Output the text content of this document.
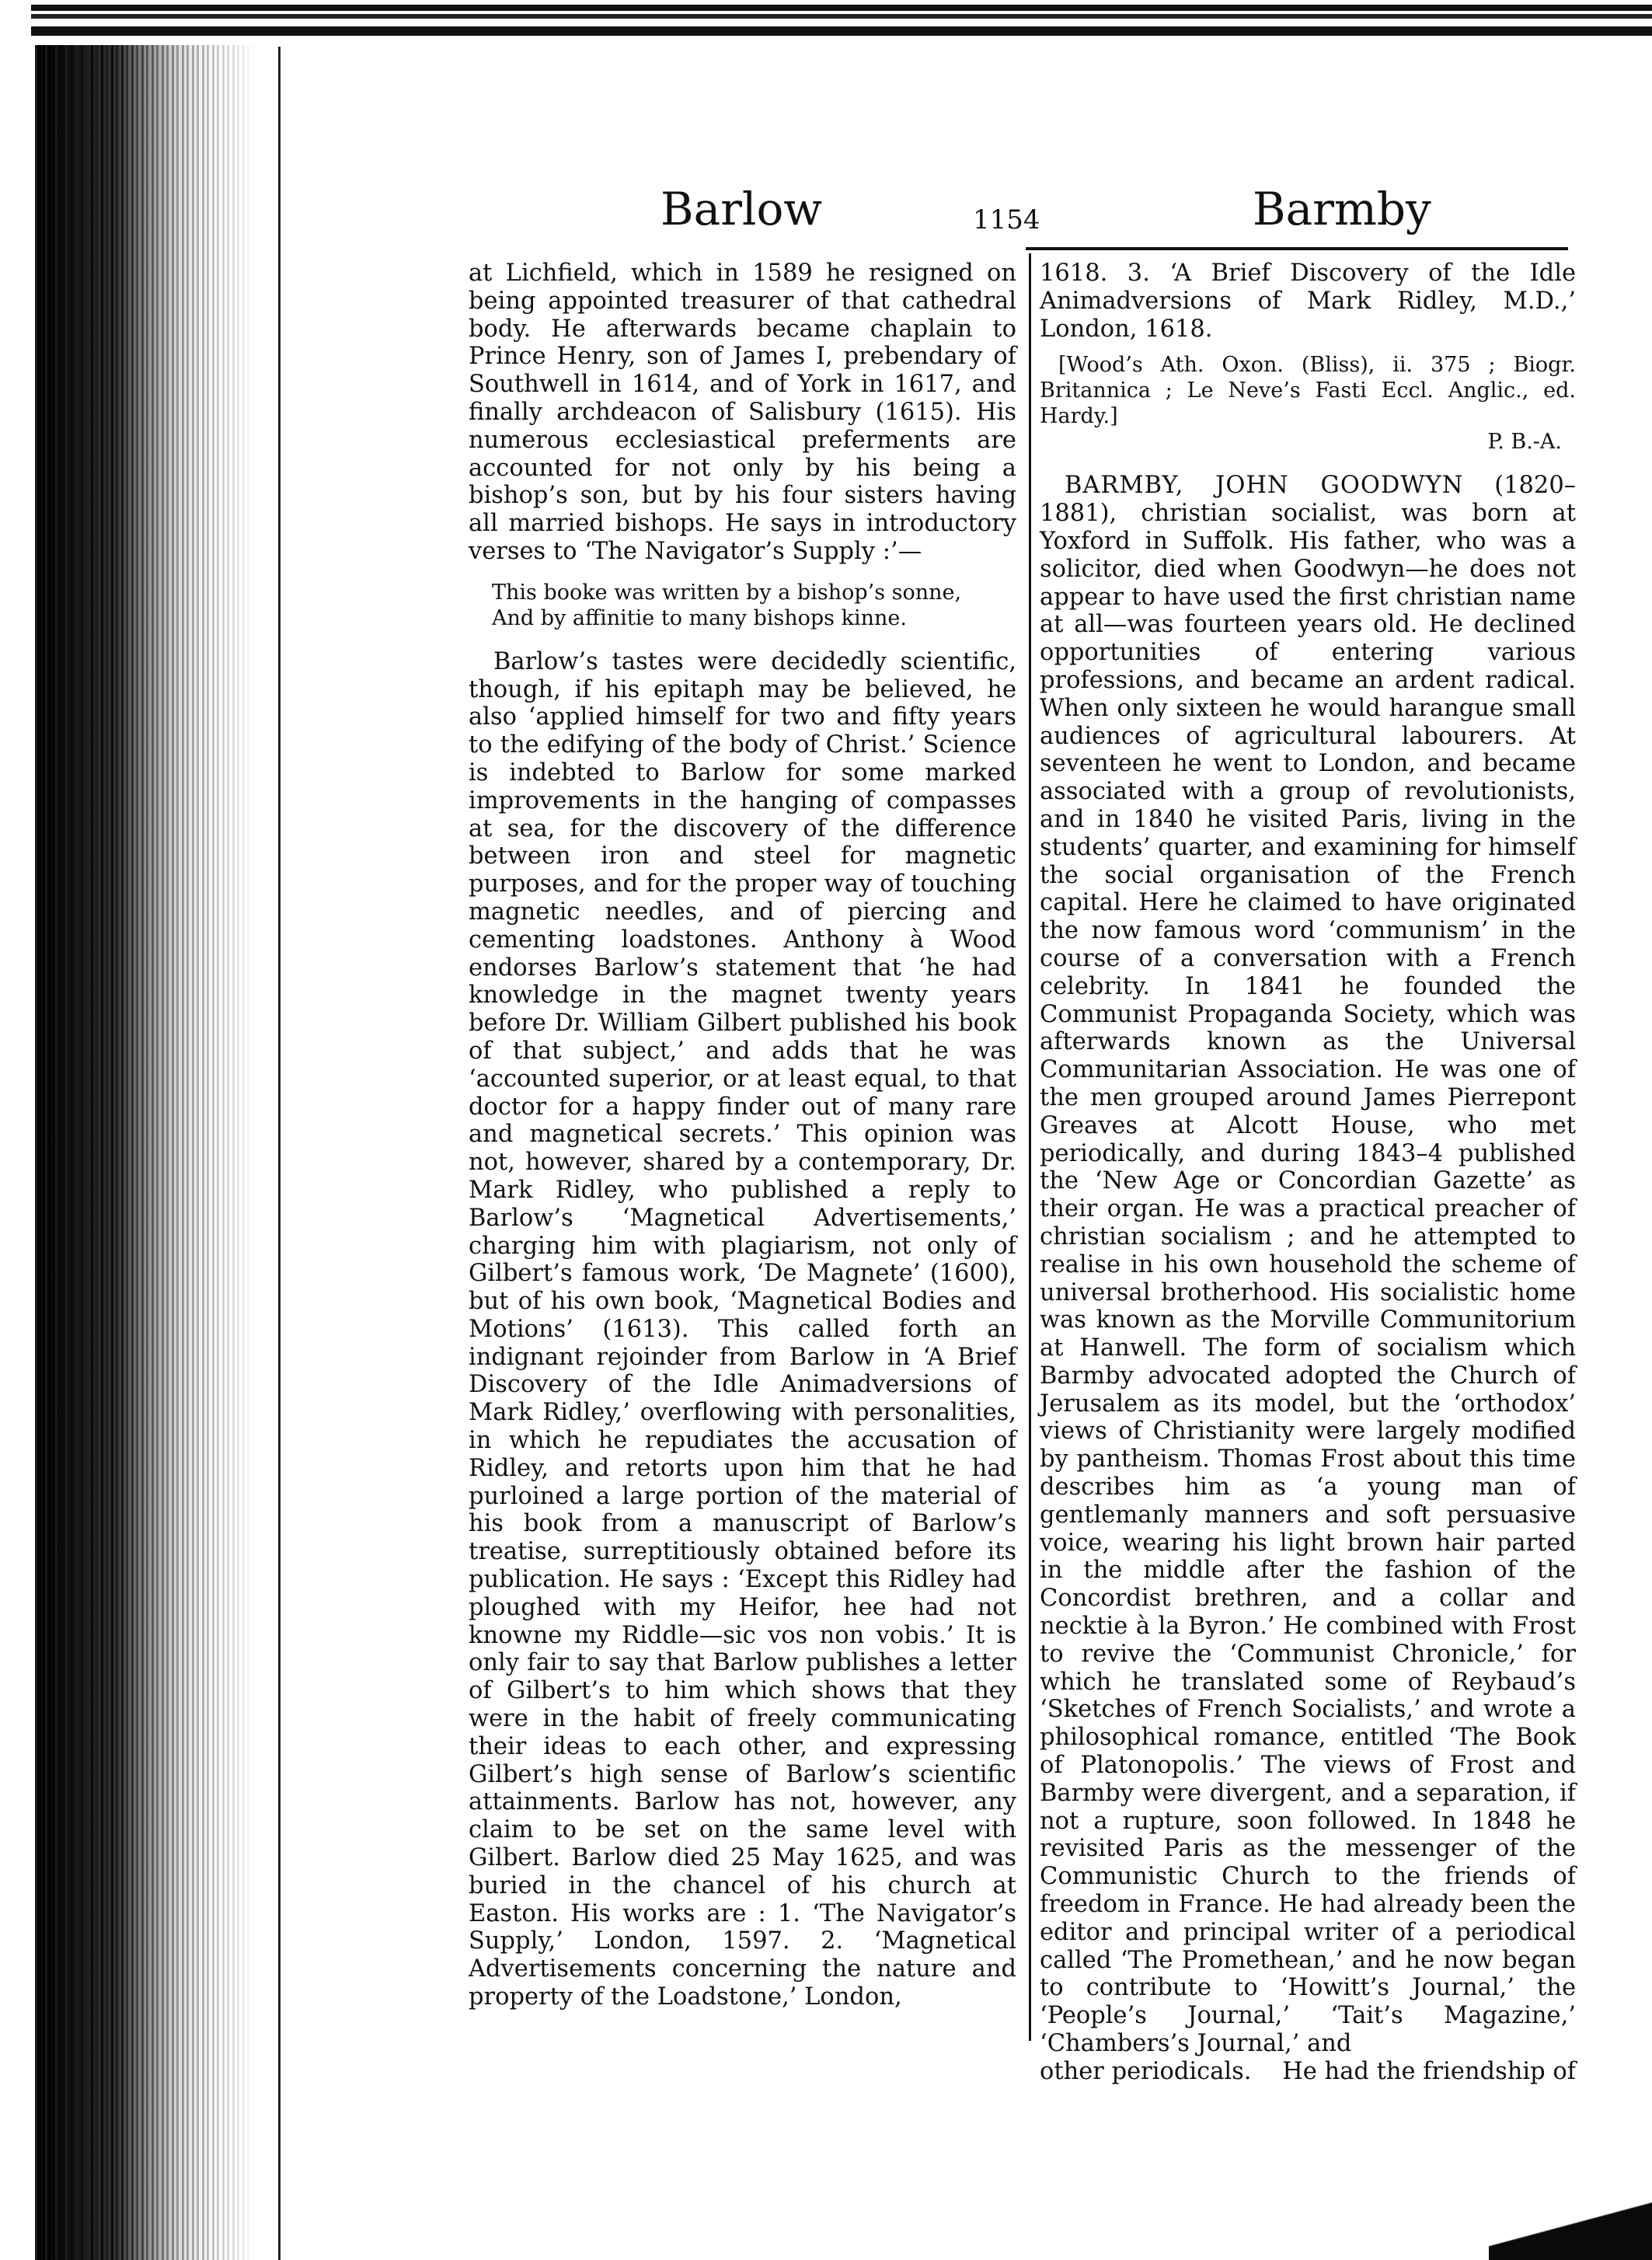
Barlow	1154	Barmby

at Lichfield, which in 1589 he resigned on being appointed treasurer of that cathedral body. He afterwards became chaplain to Prince Henry, son of James I, prebendary of Southwell in 1614, and of York in 1617, and finally archdeacon of Salisbury (1615). His numerous ecclesiastical preferments are accounted for not only by his being a bishop’s son, but by his four sisters having all married bishops. He says in introductory verses to ‘The Navigator’s Supply :’—

This booke was written by a bishop’s sonne,
And by affinitie to many bishops kinne.

Barlow’s tastes were decidedly scientific, though, if his epitaph may be believed, he also ‘applied himself for two and fifty years to the edifying of the body of Christ.’ Science is indebted to Barlow for some marked improvements in the hanging of compasses at sea, for the discovery of the difference between iron and steel for magnetic purposes, and for the proper way of touching magnetic needles, and of piercing and cementing loadstones. Anthony à Wood endorses Barlow’s statement that ‘he had knowledge in the magnet twenty years before Dr. William Gilbert published his book of that subject,’ and adds that he was ‘accounted superior, or at least equal, to that doctor for a happy finder out of many rare and magnetical secrets.’ This opinion was not, however, shared by a contemporary, Dr. Mark Ridley, who published a reply to Barlow’s ‘Magnetical Advertisements,’ charging him with plagiarism, not only of Gilbert’s famous work, ‘De Magnete’ (1600), but of his own book, ‘Magnetical Bodies and Motions’ (1613). This called forth an indignant rejoinder from Barlow in ‘A Brief Discovery of the Idle Animadversions of Mark Ridley,’ overflowing with personalities, in which he repudiates the accusation of Ridley, and retorts upon him that he had purloined a large portion of the material of his book from a manuscript of Barlow’s treatise, surreptitiously obtained before its publication. He says : ‘Except this Ridley had ploughed with my Heifor, hee had not knowne my Riddle—sic vos non vobis.’ It is only fair to say that Barlow publishes a letter of Gilbert’s to him which shows that they were in the habit of freely communicating their ideas to each other, and expressing Gilbert’s high sense of Barlow’s scientific attainments. Barlow has not, however, any claim to be set on the same level with Gilbert. Barlow died 25 May 1625, and was buried in the chancel of his church at Easton. His works are : 1. ‘The Navigator’s Supply,’ London, 1597. 2. ‘Magnetical Advertisements concerning the nature and property of the Loadstone,’ London,

1618. 3. ‘A Brief Discovery of the Idle Animadversions of Mark Ridley, M.D.,’ London, 1618.

[Wood’s Ath. Oxon. (Bliss), ii. 375 ; Biogr. Britannica ; Le Neve’s Fasti Eccl. Anglic., ed. Hardy.]

P. B.-A.

BARMBY, JOHN GOODWYN (1820–1881), christian socialist, was born at Yoxford in Suffolk. His father, who was a solicitor, died when Goodwyn—he does not appear to have used the first christian name at all—was fourteen years old. He declined opportunities of entering various professions, and became an ardent radical. When only sixteen he would harangue small audiences of agricultural labourers. At seventeen he went to London, and became associated with a group of revolutionists, and in 1840 he visited Paris, living in the students’ quarter, and examining for himself the social organisation of the French capital. Here he claimed to have originated the now famous word ‘communism’ in the course of a conversation with a French celebrity. In 1841 he founded the Communist Propaganda Society, which was afterwards known as the Universal Communitarian Association. He was one of the men grouped around James Pierrepont Greaves at Alcott House, who met periodically, and during 1843–4 published the ‘New Age or Concordian Gazette’ as their organ. He was a practical preacher of christian socialism ; and he attempted to realise in his own household the scheme of universal brotherhood. His socialistic home was known as the Morville Communitorium at Hanwell. The form of socialism which Barmby advocated adopted the Church of Jerusalem as its model, but the ‘orthodox’ views of Christianity were largely modified by pantheism. Thomas Frost about this time describes him as ‘a young man of gentlemanly manners and soft persuasive voice, wearing his light brown hair parted in the middle after the fashion of the Concordist brethren, and a collar and necktie à la Byron.’ He combined with Frost to revive the ‘Communist Chronicle,’ for which he translated some of Reybaud’s ‘Sketches of French Socialists,’ and wrote a philosophical romance, entitled ‘The Book of Platonopolis.’ The views of Frost and Barmby were divergent, and a separation, if not a rupture, soon followed. In 1848 he revisited Paris as the messenger of the Communistic Church to the friends of freedom in France. He had already been the editor and principal writer of a periodical called ‘The Promethean,’ and he now began to contribute to ‘Howitt’s Journal,’ the ‘People’s Journal,’ ‘Tait’s Magazine,’ ‘Chambers’s Journal,’ and

other periodicals. He had the friendship of
